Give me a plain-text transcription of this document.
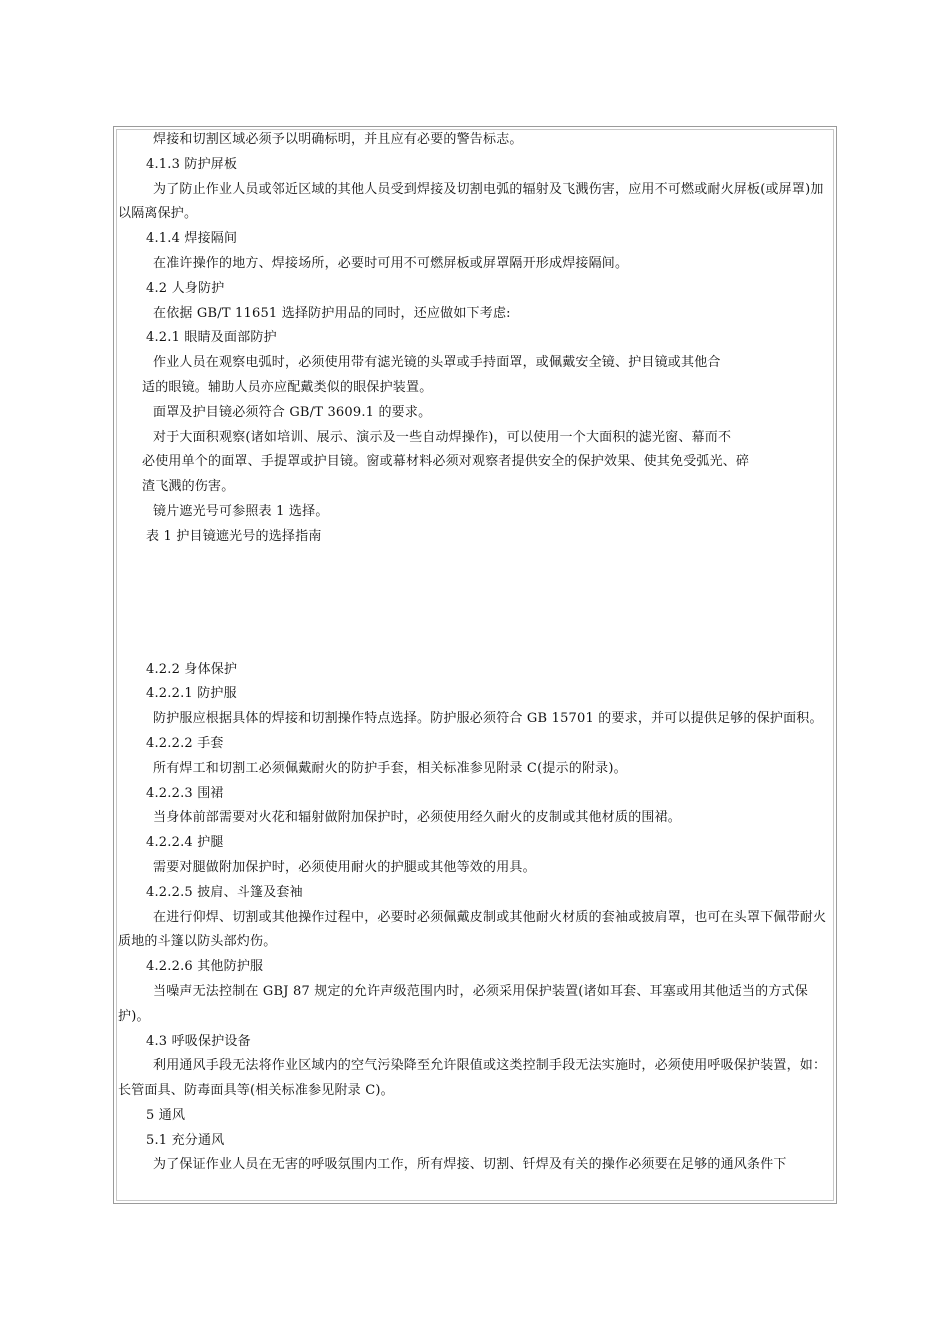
焊接和切割区域必须予以明确标明，并且应有必要的警告标志。
4.1.3 防护屏板
为了防止作业人员或邻近区域的其他人员受到焊接及切割电弧的辐射及飞溅伤害，应用不可燃或耐火屏板(或屏罩)加以隔离保护。
4.1.4 焊接隔间
在准许操作的地方、焊接场所，必要时可用不可燃屏板或屏罩隔开形成焊接隔间。
4.2 人身防护
在依据 GB/T 11651 选择防护用品的同时，还应做如下考虑:
4.2.1 眼睛及面部防护
作业人员在观察电弧时，必须使用带有滤光镜的头罩或手持面罩，或佩戴安全镜、护目镜或其他合
适的眼镜。辅助人员亦应配戴类似的眼保护装置。
面罩及护目镜必须符合 GB/T 3609.1 的要求。
对于大面积观察(诸如培训、展示、演示及一些自动焊操作)，可以使用一个大面积的滤光窗、幕而不
必使用单个的面罩、手提罩或护目镜。窗或幕材料必须对观察者提供安全的保护效果、使其免受弧光、碎
渣飞溅的伤害。
镜片遮光号可参照表 1 选择。
表 1 护目镜遮光号的选择指南
4.2.2 身体保护
4.2.2.1 防护服
防护服应根据具体的焊接和切割操作特点选择。防护服必须符合 GB 15701 的要求，并可以提供足够的保护面积。
4.2.2.2 手套
所有焊工和切割工必须佩戴耐火的防护手套，相关标准参见附录 C(提示的附录)。
4.2.2.3 围裙
当身体前部需要对火花和辐射做附加保护时，必须使用经久耐火的皮制或其他材质的围裙。
4.2.2.4 护腿
需要对腿做附加保护时，必须使用耐火的护腿或其他等效的用具。
4.2.2.5 披肩、斗篷及套袖
在进行仰焊、切割或其他操作过程中，必要时必须佩戴皮制或其他耐火材质的套袖或披肩罩，也可在头罩下佩带耐火质地的斗篷以防头部灼伤。
4.2.2.6 其他防护服
当噪声无法控制在 GBJ 87 规定的允许声级范围内时，必须采用保护装置(诸如耳套、耳塞或用其他适当的方式保护)。
4.3 呼吸保护设备
利用通风手段无法将作业区域内的空气污染降至允许限值或这类控制手段无法实施时，必须使用呼吸保护装置，如：长管面具、防毒面具等(相关标准参见附录 C)。
5 通风
5.1 充分通风
为了保证作业人员在无害的呼吸氛围内工作，所有焊接、切割、钎焊及有关的操作必须要在足够的通风条件下
